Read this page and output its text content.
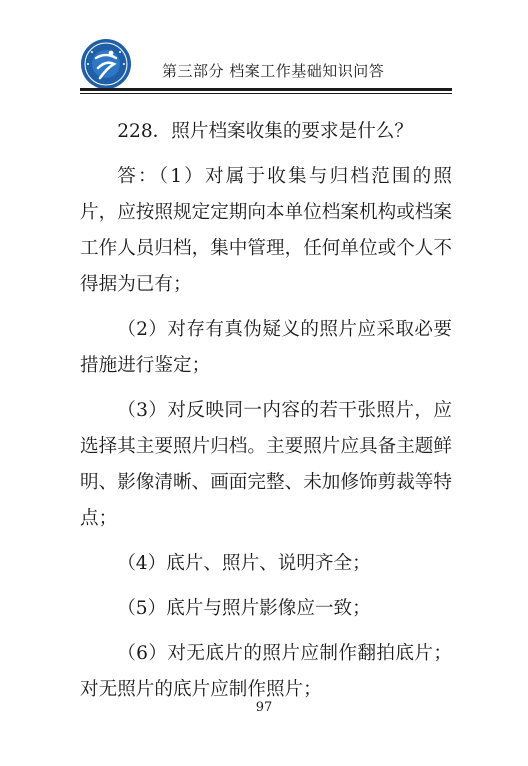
第三部分 档案工作基础知识问答

228．照片档案收集的要求是什么？

答：（1）对属于收集与归档范围的照片，应按照规定定期向本单位档案机构或档案工作人员归档，集中管理，任何单位或个人不得据为已有；

（2）对存有真伪疑义的照片应采取必要措施进行鉴定；

（3）对反映同一内容的若干张照片，应选择其主要照片归档。主要照片应具备主题鲜明、影像清晰、画面完整、未加修饰剪裁等特点；

（4）底片、照片、说明齐全；

（5）底片与照片影像应一致；

（6）对无底片的照片应制作翻拍底片；对无照片的底片应制作照片；

97
